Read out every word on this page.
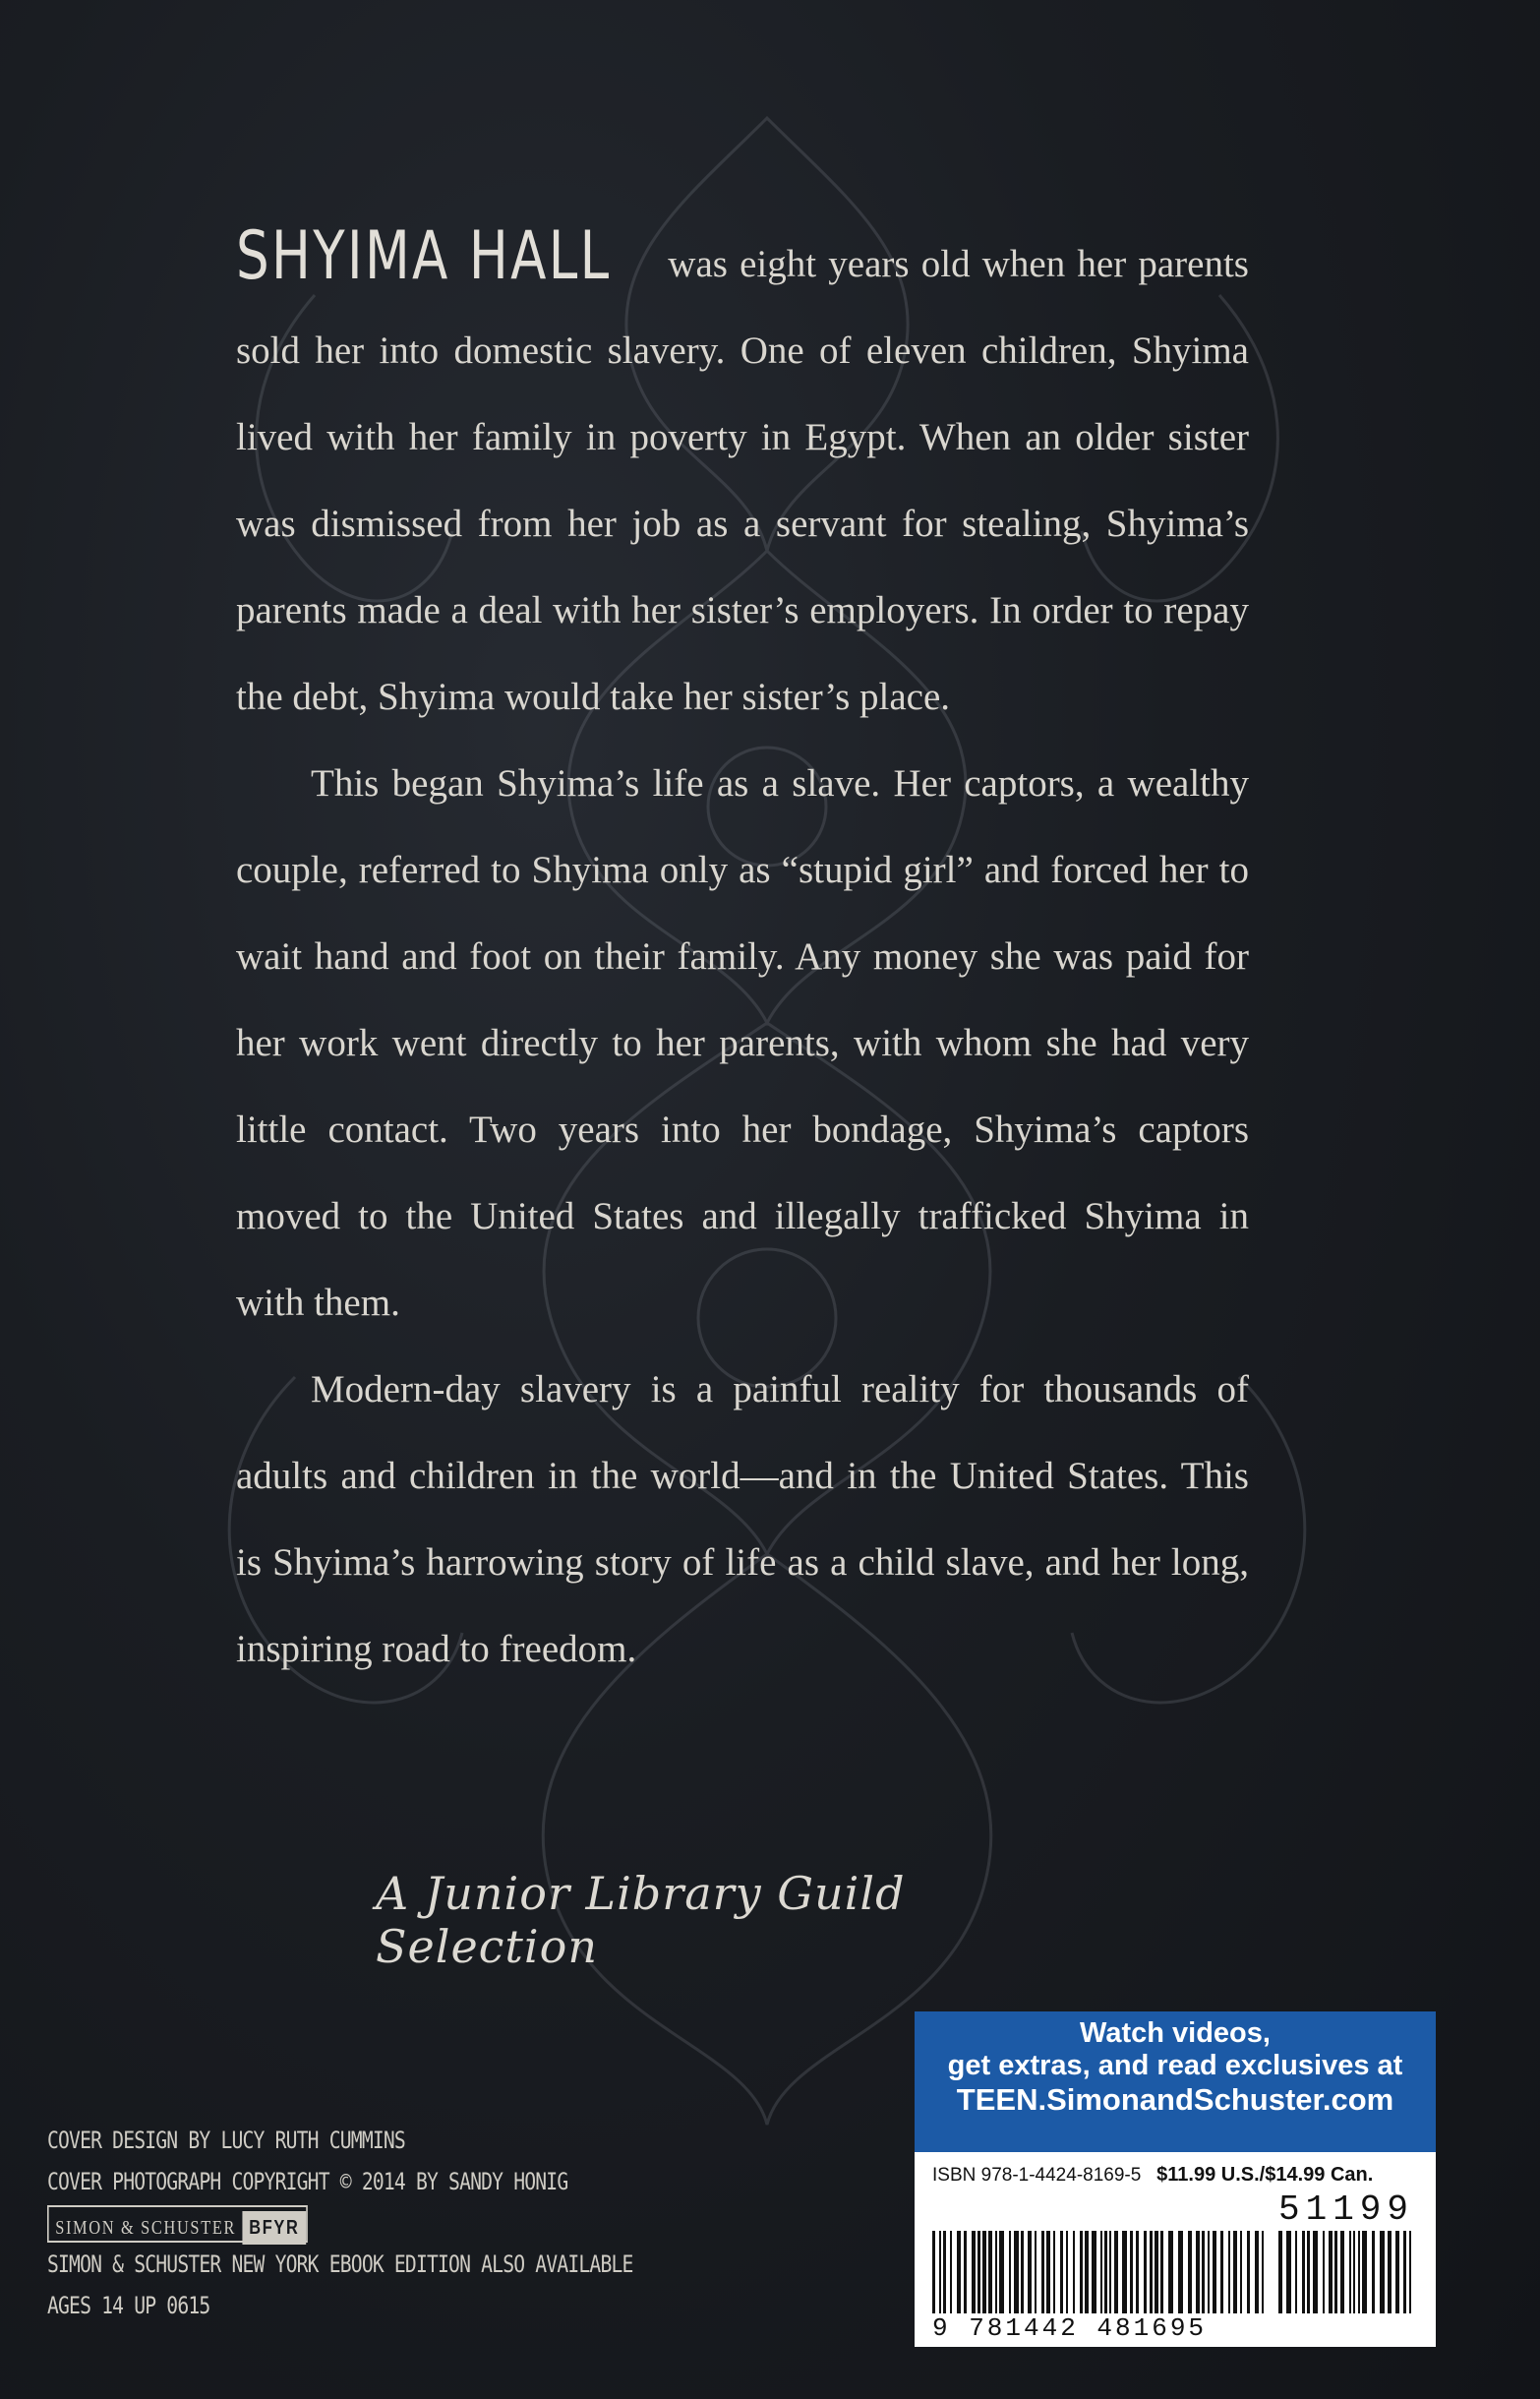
SHYIMA HALL was eight years old when her parents sold her into domestic slavery. One of eleven children, Shyima lived with her family in poverty in Egypt. When an older sister was dismissed from her job as a servant for stealing, Shyima’s parents made a deal with her sister’s employers. In order to repay the debt, Shyima would take her sister’s place.

This began Shyima’s life as a slave. Her captors, a wealthy couple, referred to Shyima only as “stupid girl” and forced her to wait hand and foot on their family. Any money she was paid for her work went directly to her parents, with whom she had very little contact. Two years into her bondage, Shyima’s captors moved to the United States and illegally trafficked Shyima in with them.

Modern-day slavery is a painful reality for thousands of adults and children in the world—and in the United States. This is Shyima’s harrowing story of life as a child slave, and her long, inspiring road to freedom.

A Junior Library Guild Selection
COVER DESIGN BY LUCY RUTH CUMMINS
COVER PHOTOGRAPH COPYRIGHT © 2014 BY SANDY HONIG
SIMON & SCHUSTER BFYR
SIMON & SCHUSTER NEW YORK EBOOK EDITION ALSO AVAILABLE
AGES 14 UP 0615
Watch videos,
get extras, and read exclusives at
TEEN.SimonandSchuster.com
ISBN 978-1-4424-8169-5 $11.99 U.S./$14.99 Can.
51199
9 781442 481695
